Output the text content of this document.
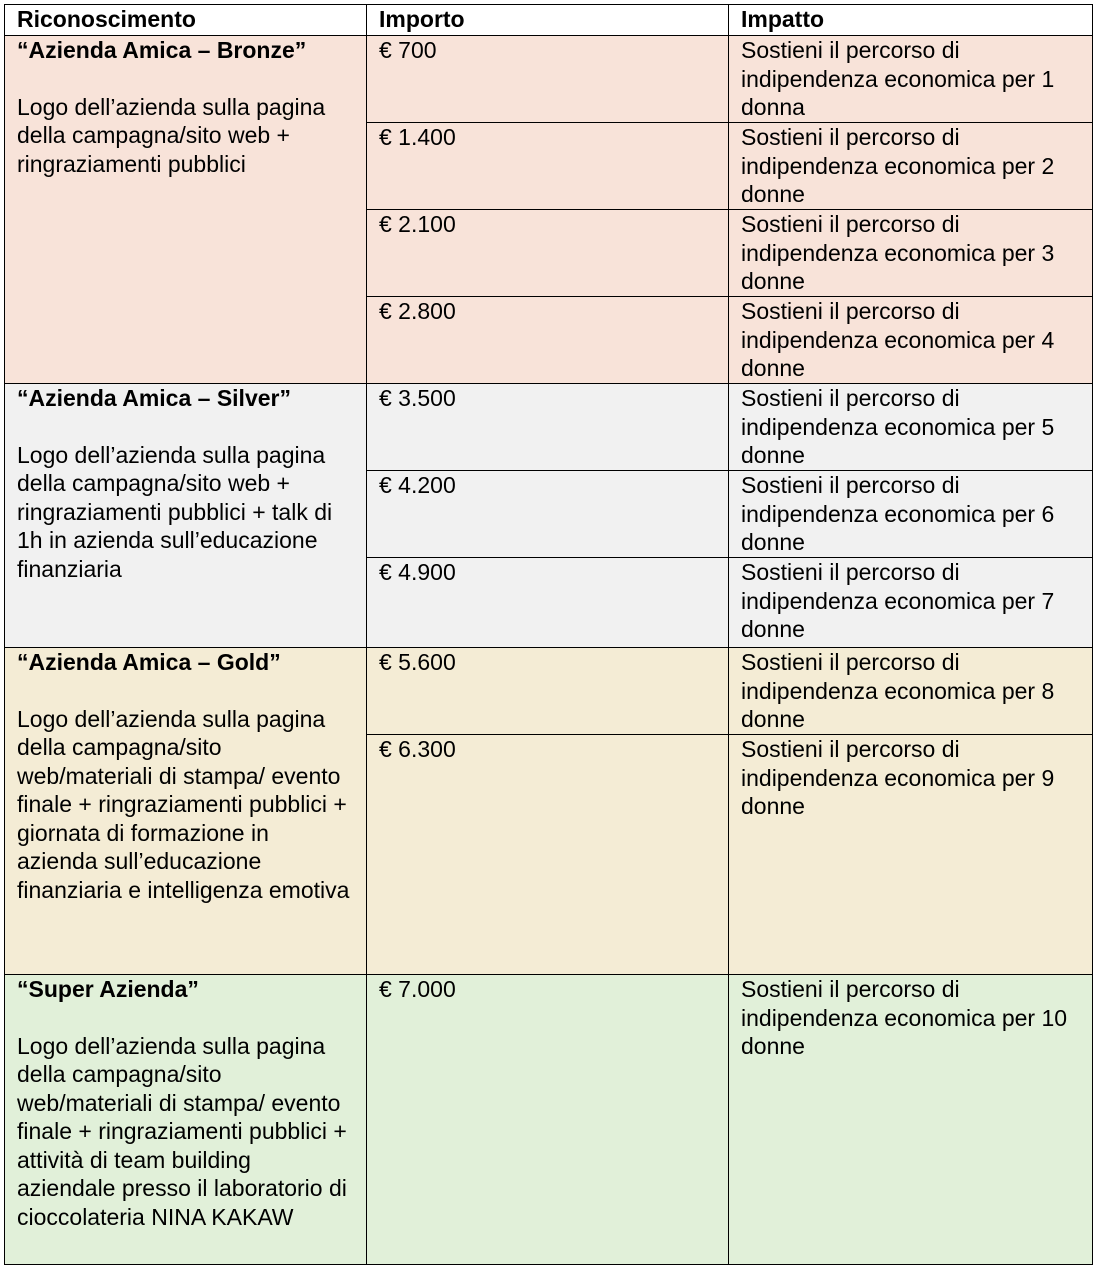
Riconoscimento	Importo	Impatto

“Azienda Amica – Bronze”
Logo dell’azienda sulla pagina della campagna/sito web + ringraziamenti pubblici	€ 700	Sostieni il percorso di indipendenza economica per 1 donna
	€ 1.400	Sostieni il percorso di indipendenza economica per 2 donne
	€ 2.100	Sostieni il percorso di indipendenza economica per 3 donne
	€ 2.800	Sostieni il percorso di indipendenza economica per 4 donne

“Azienda Amica – Silver”
Logo dell’azienda sulla pagina della campagna/sito web + ringraziamenti pubblici + talk di 1h in azienda sull’educazione finanziaria	€ 3.500	Sostieni il percorso di indipendenza economica per 5 donne
	€ 4.200	Sostieni il percorso di indipendenza economica per 6 donne
	€ 4.900	Sostieni il percorso di indipendenza economica per 7 donne

“Azienda Amica – Gold”
Logo dell’azienda sulla pagina della campagna/sito web/materiali di stampa/ evento finale + ringraziamenti pubblici + giornata di formazione in azienda sull’educazione finanziaria e intelligenza emotiva	€ 5.600	Sostieni il percorso di indipendenza economica per 8 donne
	€ 6.300	Sostieni il percorso di indipendenza economica per 9 donne

“Super Azienda”
Logo dell’azienda sulla pagina della campagna/sito web/materiali di stampa/ evento finale + ringraziamenti pubblici + attività di team building aziendale presso il laboratorio di cioccolateria NINA KAKAW	€ 7.000	Sostieni il percorso di indipendenza economica per 10 donne
